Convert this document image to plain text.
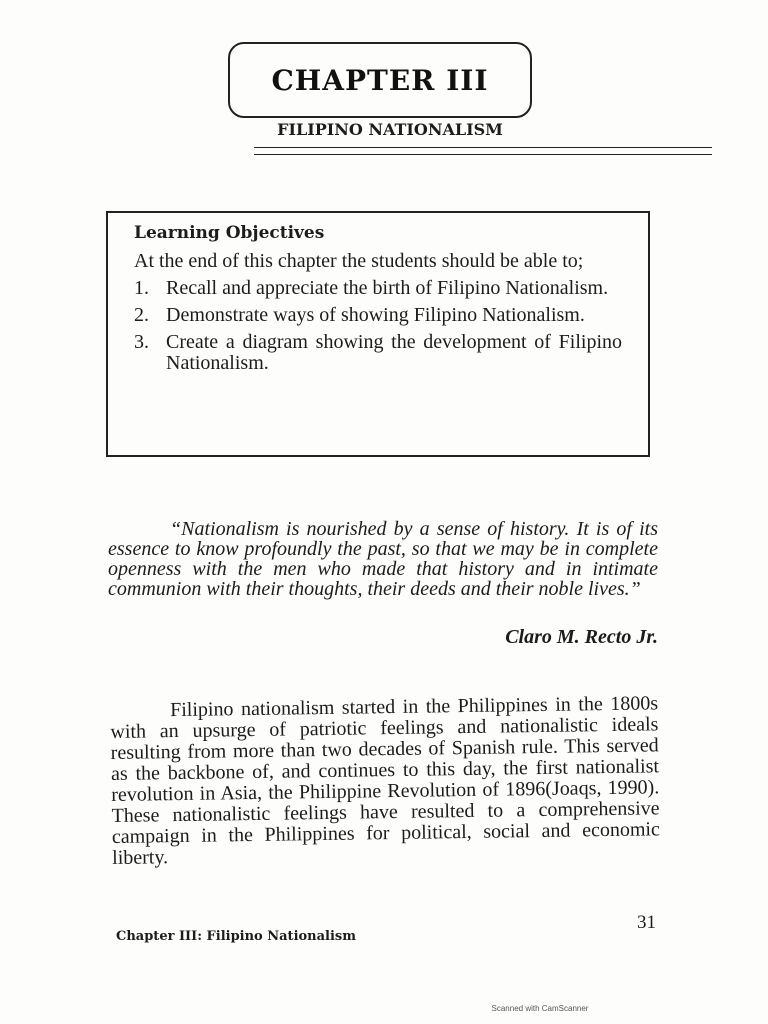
CHAPTER III
FILIPINO NATIONALISM
Learning Objectives

At the end of this chapter the students should be able to;

1. Recall and appreciate the birth of Filipino Nationalism.
2. Demonstrate ways of showing Filipino Nationalism.
3. Create a diagram showing the development of Filipino Nationalism.

“Nationalism is nourished by a sense of history. It is of its essence to know profoundly the past, so that we may be in complete openness with the men who made that history and in intimate communion with their thoughts, their deeds and their noble lives.”

Claro M. Recto Jr.

Filipino nationalism started in the Philippines in the 1800s with an upsurge of patriotic feelings and nationalistic ideals resulting from more than two decades of Spanish rule. This served as the backbone of, and continues to this day, the first nationalist revolution in Asia, the Philippine Revolution of 1896(Joaqs, 1990). These nationalistic feelings have resulted to a comprehensive campaign in the Philippines for political, social and economic liberty.

31
Chapter III: Filipino Nationalism
Scanned with CamScanner
